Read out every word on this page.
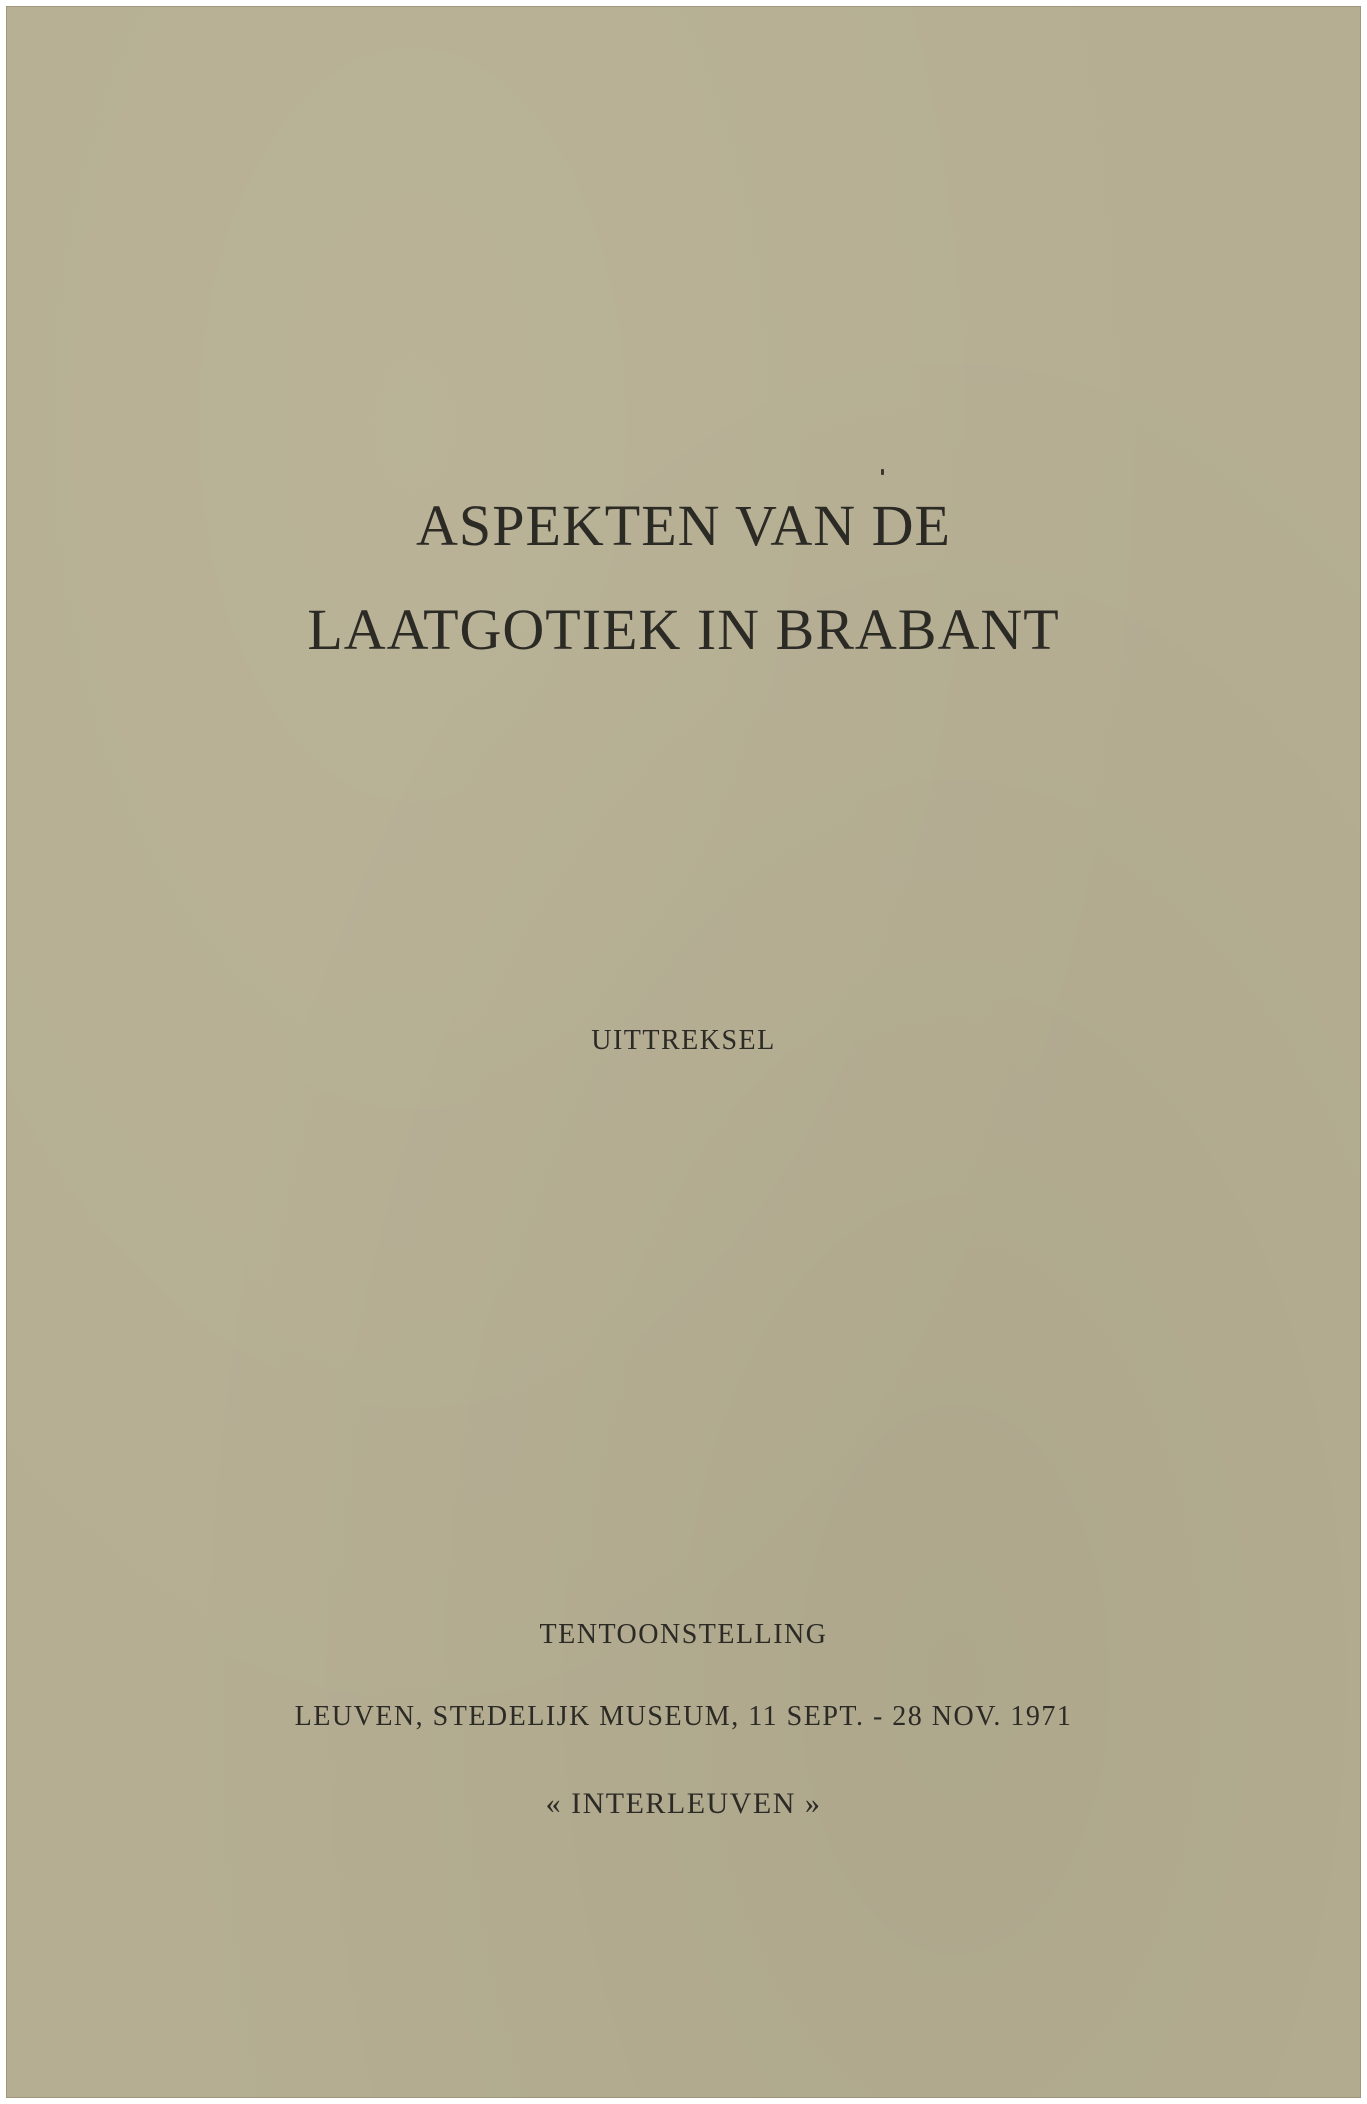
ASPEKTEN VAN DE
LAATGOTIEK IN BRABANT
UITTREKSEL
TENTOONSTELLING
LEUVEN, STEDELIJK MUSEUM, 11 SEPT. - 28 NOV. 1971
« INTERLEUVEN »
